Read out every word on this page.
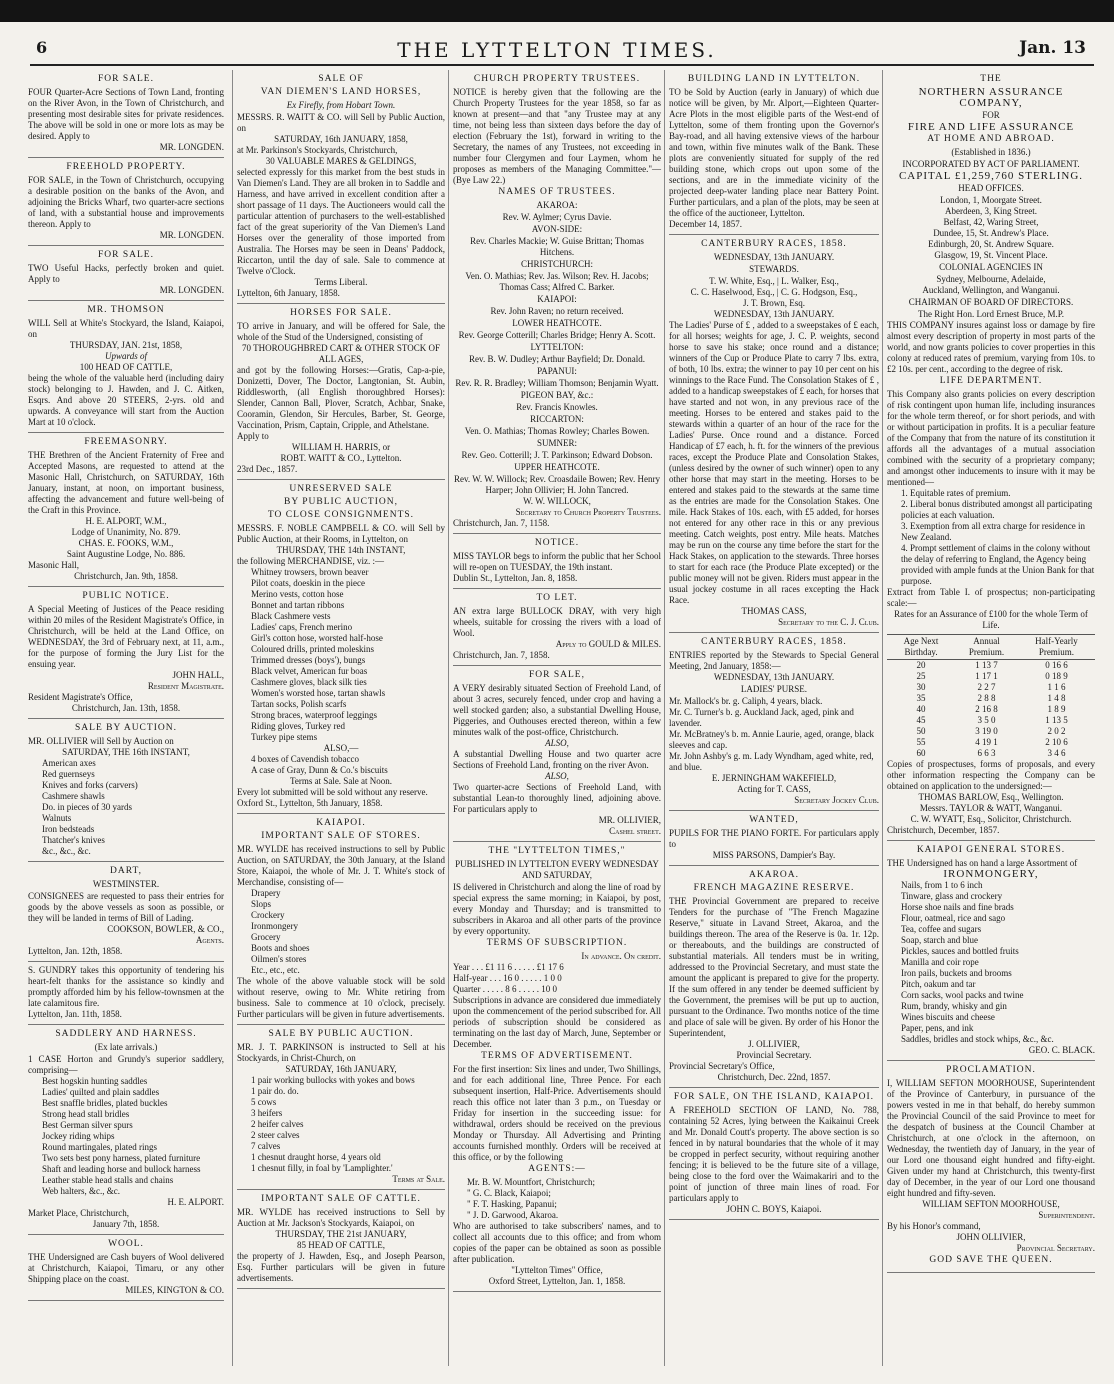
6	THE LYTTELTON TIMES.	Jan. 13
FOR SALE.
FOUR Quarter-Acre Sections of Town Land, fronting on the River Avon, in the Town of Christchurch, and presenting most desirable sites for private residences. The above will be sold in one or more lots as may be desired. Apply to
MR. LONGDEN.
FREEHOLD PROPERTY.
FOR SALE, in the Town of Christchurch, occupying a desirable position on the banks of the Avon, and adjoining the Bricks Wharf, two quarter-acre sections of land, with a substantial house and improvements thereon. Apply to
MR. LONGDEN.
FOR SALE.
TWO Useful Hacks, perfectly broken and quiet. Apply to
MR. LONGDEN.
MR. THOMSON
WILL Sell at White's Stockyard, the Island, Kaiapoi, on
THURSDAY, JAN. 21st, 1858,
Upwards of
100 HEAD OF CATTLE,
being the whole of the valuable herd (including dairy stock) belonging to J. Hawden, and J. C. Aitken, Esqrs. And above 20 STEERS, 2-yrs. old and upwards. A conveyance will start from the Auction Mart at 10 o'clock.
FREEMASONRY.
THE Brethren of the Ancient Fraternity of Free and Accepted Masons, are requested to attend at the Masonic Hall, Christchurch, on SATURDAY, 16th January, instant, at noon, on important business, affecting the advancement and future well-being of the Craft in this Province.
H. E. ALPORT, W.M.,
Lodge of Unanimity, No. 879.
CHAS. E. FOOKS, W.M.,
Saint Augustine Lodge, No. 886.
Masonic Hall,
Christchurch, Jan. 9th, 1858.
PUBLIC NOTICE.
A Special Meeting of Justices of the Peace residing within 20 miles of the Resident Magistrate's Office, in Christchurch, will be held at the Land Office, on WEDNESDAY, the 3rd of February next, at 11, a.m., for the purpose of forming the Jury List for the ensuing year.
JOHN HALL,
Resident Magistrate.
Resident Magistrate's Office,
Christchurch, Jan. 13th, 1858.
SALE BY AUCTION.
MR. OLLIVIER will Sell by Auction on
SATURDAY, THE 16th INSTANT,
American axes
Red guernseys
Knives and forks (carvers)
Cashmere shawls
Do. in pieces of 30 yards
Walnuts
Iron bedsteads
Thatcher's knives
&c., &c., &c.
DART,
WESTMINSTER.
CONSIGNEES are requested to pass their entries for goods by the above vessels as soon as possible, or they will be landed in terms of Bill of Lading.
COOKSON, BOWLER, & CO.,
Agents.
Lyttelton, Jan. 12th, 1858.
S. GUNDRY takes this opportunity of tendering his heart-felt thanks for the assistance so kindly and promptly afforded him by his fellow-townsmen at the late calamitous fire.
Lyttelton, Jan. 11th, 1858.
SADDLERY AND HARNESS.
(Ex late arrivals.)
1 CASE Horton and Grundy's superior saddlery, comprising—
Best hogskin hunting saddles
Ladies' quilted and plain saddles
Best snaffle bridles, plated buckles
Strong head stall bridles
Best German silver spurs
Jockey riding whips
Round martingales, plated rings
Two sets best pony harness, plated furniture
Shaft and leading horse and bullock harness
Leather stable head stalls and chains
Web halters, &c., &c.
H. E. ALPORT.
Market Place, Christchurch,
January 7th, 1858.
WOOL.
THE Undersigned are Cash buyers of Wool delivered at Christchurch, Kaiapoi, Timaru, or any other Shipping place on the coast.
MILES, KINGTON & CO.
SALE OF
VAN DIEMEN'S LAND HORSES,
Ex Firefly, from Hobart Town.
MESSRS. R. WAITT & CO. will Sell by Public Auction, on
SATURDAY, 16th JANUARY, 1858,
at Mr. Parkinson's Stockyards, Christchurch,
30 VALUABLE MARES & GELDINGS,
selected expressly for this market from the best studs in Van Diemen's Land. They are all broken in to Saddle and Harness, and have arrived in excellent condition after a short passage of 11 days. The Auctioneers would call the particular attention of purchasers to the well-established fact of the great superiority of the Van Diemen's Land Horses over the generality of those imported from Australia. The Horses may be seen in Deans' Paddock, Riccarton, until the day of sale. Sale to commence at Twelve o'Clock.
Terms Liberal.
Lyttelton, 6th January, 1858.
HORSES FOR SALE.
TO arrive in January, and will be offered for Sale, the whole of the Stud of the Undersigned, consisting of
70 THOROUGHBRED CART & OTHER STOCK OF ALL AGES,
and got by the following Horses:—Gratis, Cap-a-pie, Donizetti, Dover, The Doctor, Langtonian, St. Aubin, Riddlesworth, (all English thoroughbred Horses): Slender, Cannon Ball, Plover, Scratch, Achbar, Snake, Cooramin, Glendon, Sir Hercules, Barber, St. George, Vaccination, Prism, Captain, Cripple, and Athelstane.
Apply to
WILLIAM H. HARRIS, or
ROBT. WAITT & CO., Lyttelton.
23rd Dec., 1857.
UNRESERVED SALE
BY PUBLIC AUCTION,
TO CLOSE CONSIGNMENTS.
MESSRS. F. NOBLE CAMPBELL & CO. will Sell by Public Auction, at their Rooms, in Lyttelton, on
THURSDAY, THE 14th INSTANT,
the following MERCHANDISE, viz. :—
Whitney trowsers, brown beaver
Pilot coats, doeskin in the piece
Merino vests, cotton hose
Bonnet and tartan ribbons
Black Cashmere vests
Ladies' caps, French merino
Girl's cotton hose, worsted half-hose
Coloured drills, printed moleskins
Trimmed dresses (boys'), bungs
Black velvet, American fur boas
Cashmere gloves, black silk ties
Women's worsted hose, tartan shawls
Tartan socks, Polish scarfs
Strong braces, waterproof leggings
Riding gloves, Turkey red
Turkey pipe stems
ALSO,—
4 boxes of Cavendish tobacco
A case of Gray, Dunn & Co.'s biscuits
Terms at Sale. Sale at Noon.
Every lot submitted will be sold without any reserve.
Oxford St., Lyttelton, 5th January, 1858.
KAIAPOI.
IMPORTANT SALE OF STORES.
MR. WYLDE has received instructions to sell by Public Auction, on SATURDAY, the 30th January, at the Island Store, Kaiapoi, the whole of Mr. J. T. White's stock of Merchandise, consisting of—
Drapery
Slops
Crockery
Ironmongery
Grocery
Boots and shoes
Oilmen's stores
Etc., etc., etc.
The whole of the above valuable stock will be sold without reserve, owing to Mr. White retiring from business. Sale to commence at 10 o'clock, precisely. Further particulars will be given in future advertisements.
SALE BY PUBLIC AUCTION.
MR. J. T. PARKINSON is instructed to Sell at his Stockyards, in Christ-Church, on
SATURDAY, 16th JANUARY,
1 pair working bullocks with yokes and bows
1 pair do. do.
5 cows
3 heifers
2 heifer calves
2 steer calves
7 calves
1 chesnut draught horse, 4 years old
1 chesnut filly, in foal by 'Lamplighter.'
Terms at Sale.
IMPORTANT SALE OF CATTLE.
MR. WYLDE has received instructions to Sell by Auction at Mr. Jackson's Stockyards, Kaiapoi, on
THURSDAY, THE 21st JANUARY,
85 HEAD OF CATTLE,
the property of J. Hawden, Esq., and Joseph Pearson, Esq. Further particulars will be given in future advertisements.
CHURCH PROPERTY TRUSTEES.
NOTICE is hereby given that the following are the Church Property Trustees for the year 1858, so far as known at present—and that "any Trustee may at any time, not being less than sixteen days before the day of election (February the 1st), forward in writing to the Secretary, the names of any Trustees, not exceeding in number four Clergymen and four Laymen, whom he proposes as members of the Managing Committee."—(Bye Law 22.)
NAMES OF TRUSTEES.
AKAROA:
Rev. W. Aylmer; Cyrus Davie.
AVON-SIDE:
Rev. Charles Mackie; W. Guise Brittan; Thomas Hitchens.
CHRISTCHURCH:
Ven. O. Mathias; Rev. Jas. Wilson; Rev. H. Jacobs; Thomas Cass; Alfred C. Barker.
KAIAPOI:
Rev. John Raven; no return received.
LOWER HEATHCOTE.
Rev. George Cotterill; Charles Bridge; Henry A. Scott.
LYTTELTON:
Rev. B. W. Dudley; Arthur Bayfield; Dr. Donald.
PAPANUI:
Rev. R. R. Bradley; William Thomson; Benjamin Wyatt.
PIGEON BAY, &c.:
Rev. Francis Knowles.
RICCARTON:
Ven. O. Mathias; Thomas Rowley; Charles Bowen.
SUMNER:
Rev. Geo. Cotterill; J. T. Parkinson; Edward Dobson.
UPPER HEATHCOTE.
Rev. W. W. Willock; Rev. Croasdaile Bowen; Rev. Henry Harper; John Ollivier; H. John Tancred.
W. W. WILLOCK,
Secretary to Church Property Trustees.
Christchurch, Jan. 7, 1158.
NOTICE.
MISS TAYLOR begs to inform the public that her School will re-open on TUESDAY, the 19th instant.
Dublin St., Lyttelton, Jan. 8, 1858.
TO LET.
AN extra large BULLOCK DRAY, with very high wheels, suitable for crossing the rivers with a load of Wool.
Apply to GOULD & MILES.
Christchurch, Jan. 7, 1858.
FOR SALE,
A VERY desirably situated Section of Freehold Land, of about 3 acres, securely fenced, under crop and having a well stocked garden; also, a substantial Dwelling House, Piggeries, and Outhouses erected thereon, within a few minutes walk of the post-office, Christchurch.
ALSO,
A substantial Dwelling House and two quarter acre Sections of Freehold Land, fronting on the river Avon.
ALSO,
Two quarter-acre Sections of Freehold Land, with substantial Lean-to thoroughly lined, adjoining above. For particulars apply to
MR. OLLIVIER,
Cashel street.
THE "LYTTELTON TIMES,"
PUBLISHED IN LYTTELTON EVERY WEDNESDAY AND SATURDAY,
IS delivered in Christchurch and along the line of road by special express the same morning; in Kaiapoi, by post, every Monday and Thursday; and is transmitted to subscribers in Akaroa and all other parts of the province by every opportunity.
TERMS OF SUBSCRIPTION.
In advance. On credit.
Year . . . £1 11 6 . . . . . £1 17 6
Half-year . . . 16 0 . . . . . 1 0 0
Quarter . . . . . 8 6 . . . . . 10 0
Subscriptions in advance are considered due immediately upon the commencement of the period subscribed for. All periods of subscription should be considered as terminating on the last day of March, June, September or December.
TERMS OF ADVERTISEMENT.
For the first insertion: Six lines and under, Two Shillings, and for each additional line, Three Pence. For each subsequent insertion, Half-Price. Advertisements should reach this office not later than 3 p.m., on Tuesday or Friday for insertion in the succeeding issue: for withdrawal, orders should be received on the previous Monday or Thursday. All Advertising and Printing accounts furnished monthly. Orders will be received at this office, or by the following
AGENTS:—
Mr. B. W. Mountfort, Christchurch;
" G. C. Black, Kaiapoi;
" F. T. Hasking, Papanui;
" J. D. Garwood, Akaroa.
Who are authorised to take subscribers' names, and to collect all accounts due to this office; and from whom copies of the paper can be obtained as soon as possible after publication.
"Lyttelton Times" Office,
Oxford Street, Lyttelton, Jan. 1, 1858.
BUILDING LAND IN LYTTELTON.
TO be Sold by Auction (early in January) of which due notice will be given, by Mr. Alport,—Eighteen Quarter-Acre Plots in the most eligible parts of the West-end of Lyttelton, some of them fronting upon the Governor's Bay-road, and all having extensive views of the harbour and town, within five minutes walk of the Bank. These plots are conveniently situated for supply of the red building stone, which crops out upon some of the sections, and are in the immediate vicinity of the projected deep-water landing place near Battery Point. Further particulars, and a plan of the plots, may be seen at the office of the auctioneer, Lyttelton.
December 14, 1857.
CANTERBURY RACES, 1858.
WEDNESDAY, 13th JANUARY.
STEWARDS.
T. W. White, Esq., | L. Walker, Esq.,
C. C. Haselwood, Esq., | C. G. Hodgson, Esq.,
J. T. Brown, Esq.
WEDNESDAY, 13th JANUARY.
The Ladies' Purse of £ , added to a sweepstakes of £ each, for all horses; weights for age, J. C. P. weights, second horse to save his stake; once round and a distance; winners of the Cup or Produce Plate to carry 7 lbs. extra, of both, 10 lbs. extra; the winner to pay 10 per cent on his winnings to the Race Fund. The Consolation Stakes of £ , added to a handicap sweepstakes of £ each, for horses that have started and not won, in any previous race of the meeting. Horses to be entered and stakes paid to the stewards within a quarter of an hour of the race for the Ladies' Purse. Once round and a distance. Forced Handicap of £7 each, h. ft. for the winners of the previous races, except the Produce Plate and Consolation Stakes, (unless desired by the owner of such winner) open to any other horse that may start in the meeting. Horses to be entered and stakes paid to the stewards at the same time as the entries are made for the Consolation Stakes. One mile. Hack Stakes of 10s. each, with £5 added, for horses not entered for any other race in this or any previous meeting. Catch weights, post entry. Mile heats. Matches may be run on the course any time before the start for the Hack Stakes, on application to the stewards. Three horses to start for each race (the Produce Plate excepted) or the public money will not be given. Riders must appear in the usual jockey costume in all races excepting the Hack Race.
THOMAS CASS,
Secretary to the C. J. Club.
CANTERBURY RACES, 1858.
ENTRIES reported by the Stewards to Special General Meeting, 2nd January, 1858:—
WEDNESDAY, 13th JANUARY.
LADIES' PURSE.
Mr. Mallock's br. g. Caliph, 4 years, black.
Mr. C. Turner's b. g. Auckland Jack, aged, pink and lavender.
Mr. McBratney's b. m. Annie Laurie, aged, orange, black sleeves and cap.
Mr. John Ashby's g. m. Lady Wyndham, aged white, red, and blue.
E. JERNINGHAM WAKEFIELD,
Acting for T. CASS,
Secretary Jockey Club.
WANTED,
PUPILS FOR THE PIANO FORTE. For particulars apply to
MISS PARSONS, Dampier's Bay.
AKAROA.
FRENCH MAGAZINE RESERVE.
THE Provincial Government are prepared to receive Tenders for the purchase of "The French Magazine Reserve," situate in Lavand Street, Akaroa, and the buildings thereon. The area of the Reserve is 0a. 1r. 12p. or thereabouts, and the buildings are constructed of substantial materials. All tenders must be in writing, addressed to the Provincial Secretary, and must state the amount the applicant is prepared to give for the property. If the sum offered in any tender be deemed sufficient by the Government, the premises will be put up to auction, pursuant to the Ordinance. Two months notice of the time and place of sale will be given. By order of his Honor the Superintendent,
J. OLLIVIER,
Provincial Secretary.
Provincial Secretary's Office,
Christchurch, Dec. 22nd, 1857.
FOR SALE, ON THE ISLAND, KAIAPOI.
A FREEHOLD SECTION OF LAND, No. 788, containing 52 Acres, lying between the Kaikainui Creek and Mr. Donald Coutt's property. The above section is so fenced in by natural boundaries that the whole of it may be cropped in perfect security, without requiring another fencing; it is believed to be the future site of a village, being close to the ford over the Waimakariri and to the point of junction of three main lines of road. For particulars apply to
JOHN C. BOYS, Kaiapoi.
THE
NORTHERN ASSURANCE COMPANY,
FOR
FIRE AND LIFE ASSURANCE
AT HOME AND ABROAD.
(Established in 1836.)
INCORPORATED BY ACT OF PARLIAMENT.
CAPITAL £1,259,760 STERLING.
HEAD OFFICES.
London, 1, Moorgate Street.
Aberdeen, 3, King Street.
Belfast, 42, Waring Street,
Dundee, 15, St. Andrew's Place.
Edinburgh, 20, St. Andrew Square.
Glasgow, 19, St. Vincent Place.
COLONIAL AGENCIES IN
Sydney, Melbourne, Adelaide,
Auckland, Wellington, and Wanganui.
CHAIRMAN OF BOARD OF DIRECTORS.
The Right Hon. Lord Ernest Bruce, M.P.
THIS COMPANY insures against loss or damage by fire almost every description of property in most parts of the world, and now grants policies to cover properties in this colony at reduced rates of premium, varying from 10s. to £2 10s. per cent., according to the degree of risk.
LIFE DEPARTMENT.
This Company also grants policies on every description of risk contingent upon human life, including insurances for the whole term thereof, or for short periods, and with or without participation in profits. It is a peculiar feature of the Company that from the nature of its constitution it affords all the advantages of a mutual association combined with the security of a proprietary company; and amongst other inducements to insure with it may be mentioned—
1. Equitable rates of premium.
2. Liberal bonus distributed amongst all participating policies at each valuation.
3. Exemption from all extra charge for residence in New Zealand.
4. Prompt settlement of claims in the colony without the delay of referring to England, the Agency being provided with ample funds at the Union Bank for that purpose.
Extract from Table I. of prospectus; non-participating scale:—
Rates for an Assurance of £100 for the whole Term of Life.
Age Next Birthday.	Annual Premium.	Half-Yearly Premium.
20	1 13 7	0 16 6
25	1 17 1	0 18 9
30	2 2 7	1 1 6
35	2 8 8	1 4 8
40	2 16 8	1 8 9
45	3 5 0	1 13 5
50	3 19 0	2 0 2
55	4 19 1	2 10 6
60	6 6 3	3 4 6
Copies of prospectuses, forms of proposals, and every other information respecting the Company can be obtained on application to the undersigned:—
THOMAS BARLOW, Esq., Wellington.
Messrs. TAYLOR & WATT, Wanganui.
C. W. WYATT, Esq., Solicitor, Christchurch.
Christchurch, December, 1857.
KAIAPOI GENERAL STORES.
THE Undersigned has on hand a large Assortment of
IRONMONGERY,
Nails, from 1 to 6 inch
Tinware, glass and crockery
Horse shoe nails and fine brads
Flour, oatmeal, rice and sago
Tea, coffee and sugars
Soap, starch and blue
Pickles, sauces and bottled fruits
Manilla and coir rope
Iron pails, buckets and brooms
Pitch, oakum and tar
Corn sacks, wool packs and twine
Rum, brandy, whisky and gin
Wines biscuits and cheese
Paper, pens, and ink
Saddles, bridles and stock whips, &c., &c.
GEO. C. BLACK.
PROCLAMATION.
I, WILLIAM SEFTON MOORHOUSE, Superintendent of the Province of Canterbury, in pursuance of the powers vested in me in that behalf, do hereby summon the Provincial Council of the said Province to meet for the despatch of business at the Council Chamber at Christchurch, at one o'clock in the afternoon, on Wednesday, the twentieth day of January, in the year of our Lord one thousand eight hundred and fifty-eight. Given under my hand at Christchurch, this twenty-first day of December, in the year of our Lord one thousand eight hundred and fifty-seven.
WILLIAM SEFTON MOORHOUSE,
Superintendent.
By his Honor's command,
JOHN OLLIVIER,
Provincial Secretary.
GOD SAVE THE QUEEN.
